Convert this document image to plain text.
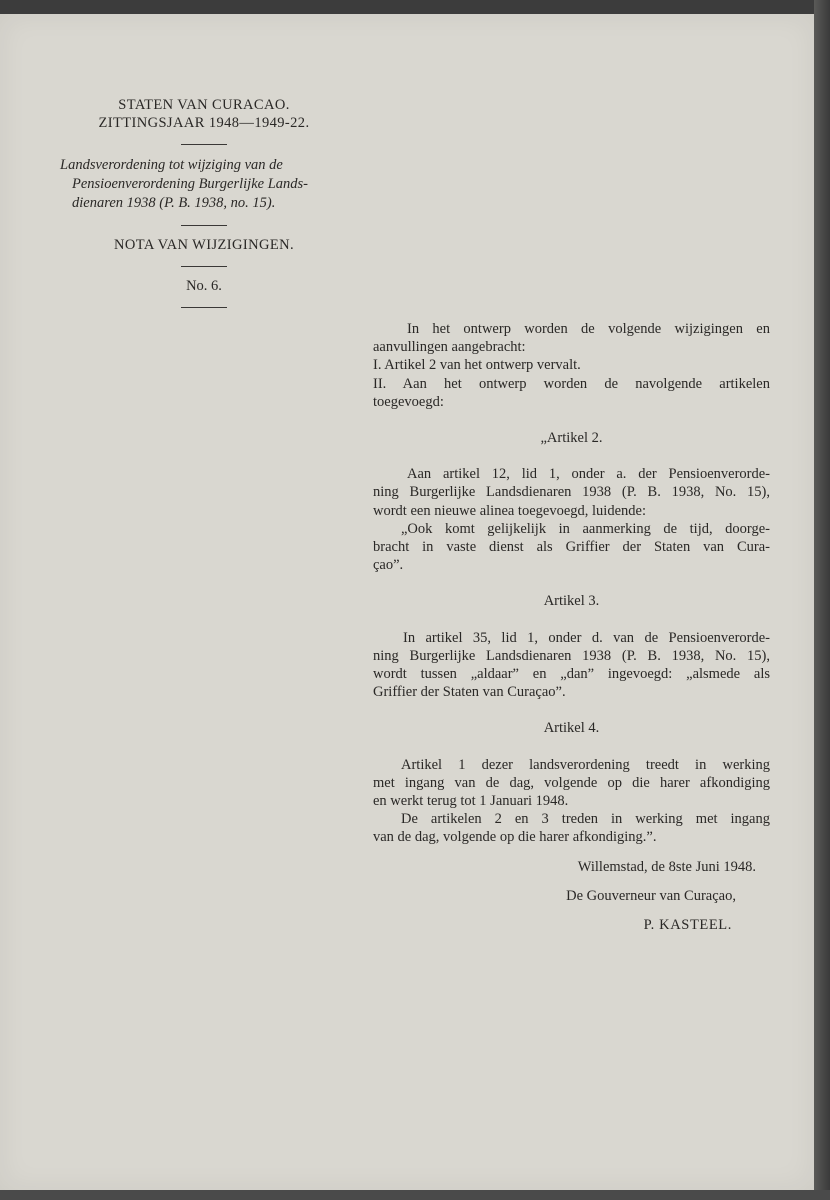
STATEN VAN CURACAO.
ZITTINGSJAAR 1948—1949-22.
Landsverordening tot wijziging van de
Pensioenverordening Burgerlijke Lands-
dienaren 1938 (P. B. 1938, no. 15).
NOTA VAN WIJZIGINGEN.
No. 6.
In het ontwerp worden de volgende wijzigingen en
aanvullingen aangebracht:
I. Artikel 2 van het ontwerp vervalt.
II. Aan het ontwerp worden de navolgende artikelen
toegevoegd:
„Artikel 2.
Aan artikel 12, lid 1, onder a. der Pensioenverorde-
ning Burgerlijke Landsdienaren 1938 (P. B. 1938, No. 15),
wordt een nieuwe alinea toegevoegd, luidende:
„Ook komt gelijkelijk in aanmerking de tijd, doorge-
bracht in vaste dienst als Griffier der Staten van Cura-
çao”.
Artikel 3.
In artikel 35, lid 1, onder d. van de Pensioenverorde-
ning Burgerlijke Landsdienaren 1938 (P. B. 1938, No. 15),
wordt tussen „aldaar” en „dan” ingevoegd: „alsmede als
Griffier der Staten van Curaçao”.
Artikel 4.
Artikel 1 dezer landsverordening treedt in werking
met ingang van de dag, volgende op die harer afkondiging
en werkt terug tot 1 Januari 1948.
De artikelen 2 en 3 treden in werking met ingang
van de dag, volgende op die harer afkondiging.”.
Willemstad, de 8ste Juni 1948.
De Gouverneur van Curaçao,
P. KASTEEL.
